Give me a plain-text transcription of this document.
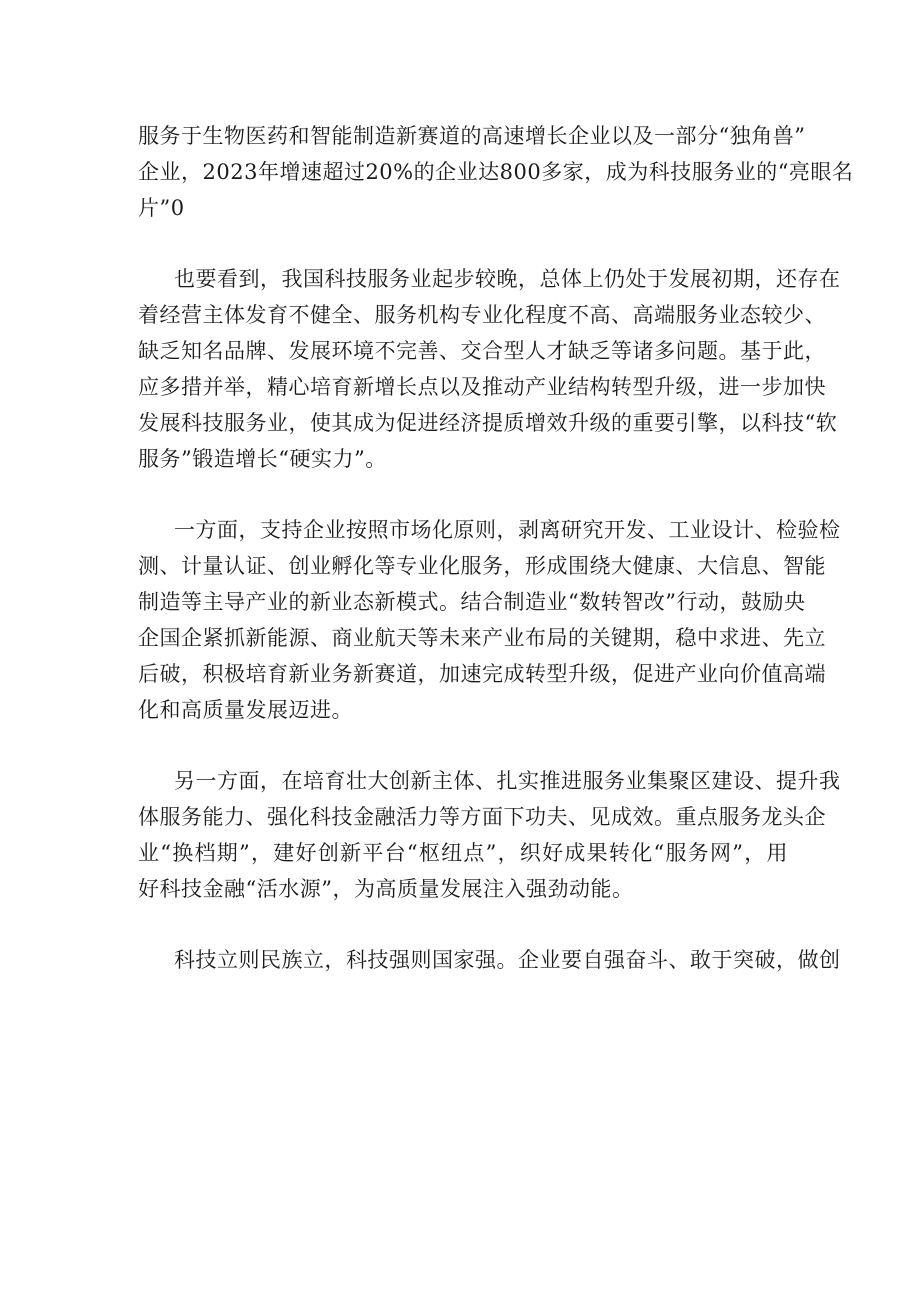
服务于生物医药和智能制造新赛道的高速增长企业以及一部分“独角兽”
企业，2023年增速超过20%的企业达800多家，成为科技服务业的“亮眼名
片”0
也要看到，我国科技服务业起步较晚，总体上仍处于发展初期，还存在
着经营主体发育不健全、服务机构专业化程度不高、高端服务业态较少、
缺乏知名品牌、发展环境不完善、交合型人才缺乏等诸多问题。基于此，
应多措并举，精心培育新增长点以及推动产业结构转型升级，进一步加快
发展科技服务业，使其成为促进经济提质增效升级的重要引擎，以科技“软
服务”锻造增长“硬实力”。
一方面，支持企业按照市场化原则，剥离研究开发、工业设计、检验检
测、计量认证、创业孵化等专业化服务，形成围绕大健康、大信息、智能
制造等主导产业的新业态新模式。结合制造业“数转智改”行动，鼓励央
企国企紧抓新能源、商业航天等未来产业布局的关键期，稳中求进、先立
后破，积极培育新业务新赛道，加速完成转型升级，促进产业向价值高端
化和高质量发展迈进。
另一方面，在培育壮大创新主体、扎实推进服务业集聚区建设、提升我
体服务能力、强化科技金融活力等方面下功夫、见成效。重点服务龙头企
业“换档期”，建好创新平台“枢纽点”，织好成果转化“服务网”，用
好科技金融“活水源”，为高质量发展注入强劲动能。
科技立则民族立，科技强则国家强。企业要自强奋斗、敢于突破，做创
